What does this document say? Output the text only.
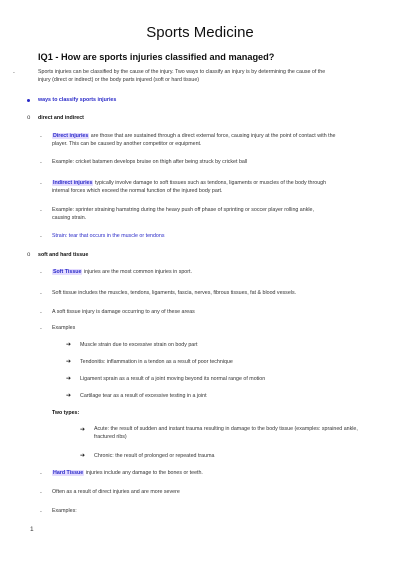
Sports Medicine
IQ1 - How are sports injuries classified and managed?
-	Sports injuries can be classified by the cause of the injury. Two ways to classify an injury is by determining the cause of the
injury (direct or indirect) or the body parts injured (soft or hard tissue)
ways to classify sports injuries
o direct and indirect
- Direct injuries are those that are sustained through a direct external force, causing injury at the point of contact with the
player. This can be caused by another competitor or equipment.
- Example: cricket batsmen develops bruise on thigh after being struck by cricket ball
- Indirect injuries typically involve damage to soft tissues such as tendons, ligaments or muscles of the body through
internal forces which exceed the normal function of the injured body part.
- Example: sprinter straining hamstring during the heavy push off phase of sprinting or soccer player rolling ankle,
causing strain.
- Strain: tear that occurs in the muscle or tendons
o soft and hard tissue
- Soft Tissue injuries are the most common injuries in sport.
- Soft tissue includes the muscles, tendons, ligaments, fascia, nerves, fibrous tissues, fat & blood vessels.
- A soft tissue injury is damage occurring to any of these areas
- Examples
➔ Muscle strain due to excessive strain on body part
➔ Tendonitis: inflammation in a tendon as a result of poor technique
➔ Ligament sprain as a result of a joint moving beyond its normal range of motion
➔ Cartilage tear as a result of excessive testing in a joint
Two types:
➔ Acute: the result of sudden and instant trauma resulting in damage to the body tissue (examples: sprained ankle,
fractured ribs)
➔ Chronic: the result of prolonged or repeated trauma
- Hard Tissue injuries include any damage to the bones or teeth.
- Often as a result of direct injuries and are more severe
- Examples:
1
